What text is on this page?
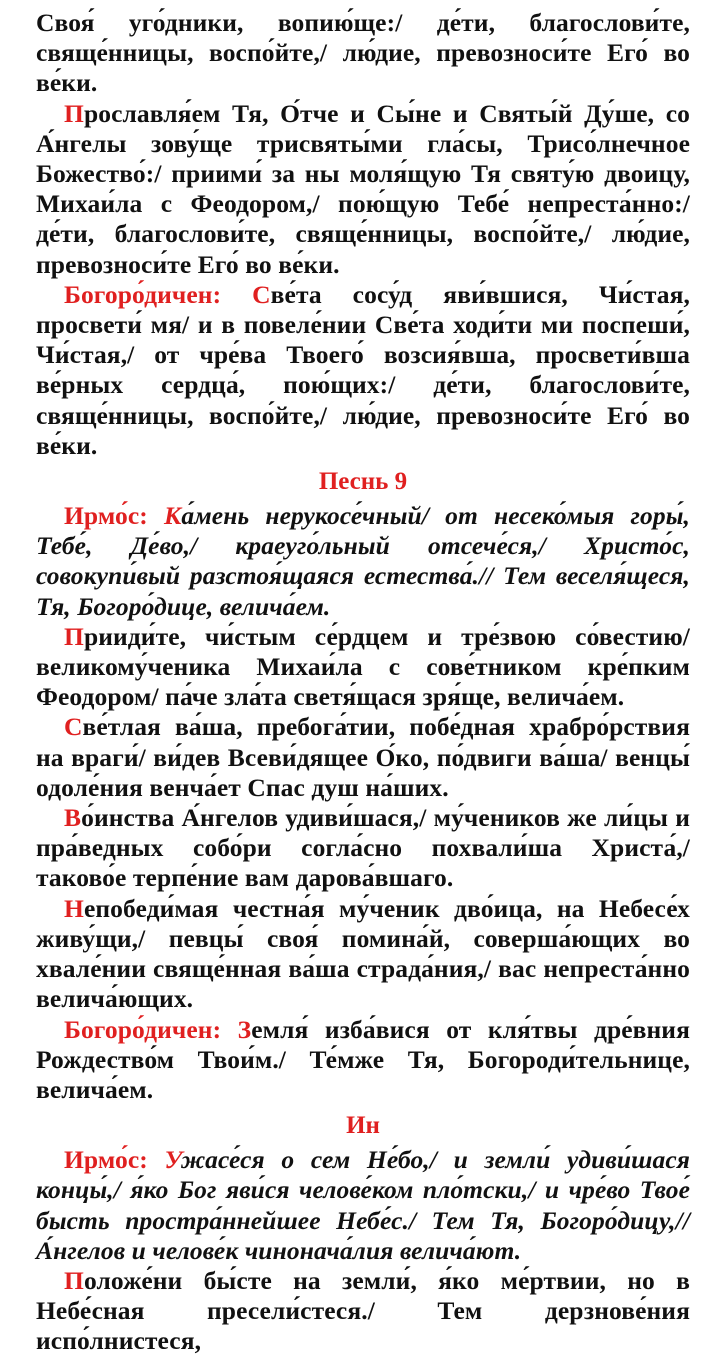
Своя́ уго́дники, вопию́ще:/ де́ти, благослови́те, свяще́нницы, воспо́йте,/ лю́дие, превозноси́те Его́ во ве́ки.

Прославля́ем Тя, О́тче и Сы́не и Святы́й Ду́ше, со А́нгелы зову́ще трисвяты́ми гла́сы, Трисо́лнечное Божество́:/ приими́ за ны моля́щую Тя святу́ю двоицу, Михаи́ла с Феодором,/ пою́щую Тебе́ непреста́нно:/ де́ти, благослови́те, свяще́нницы, воспо́йте,/ лю́дие, превозноси́те Его́ во ве́ки.

Богоро́дичен: Све́та сосу́д яви́вшися, Чи́стая, просвети́ мя/ и в повеле́нии Све́та ходи́ти ми поспеши́, Чи́стая,/ от чре́ва Твоего́ возсия́вша, просвети́вша ве́рных сердца́, пою́щих:/ де́ти, благослови́те, свяще́нницы, воспо́йте,/ лю́дие, превозноси́те Его́ во ве́ки.

Песнь 9

Ирмо́с: Ка́мень нерукосе́чный/ от несеко́мыя горы́, Тебе́, Де́во,/ краеуго́льный отсече́ся,/ Христо́с, совокупи́вый разстоя́щаяся естества́.// Тем веселя́щеся, Тя, Богоро́дице, велича́ем.

Прииди́те, чи́стым се́рдцем и тре́звою со́вестию/ великому́ченика Михаи́ла с сове́тником кре́пким Феодором/ па́че зла́та светя́щася зря́ще, велича́ем.

Све́тлая ва́ша, пребога́тии, побе́дная храбро́рствия на враги́/ ви́дев Всеви́дящее О́ко, по́двиги ва́ша/ венцы́ одоле́ния венча́ет Спас душ на́ших.

Во́инства А́нгелов удиви́шася,/ му́чеников же ли́цы и пра́ведных собо́ри согла́сно похвали́ша Христа́,/ таково́е терпе́ние вам дарова́вшаго.

Непобеди́мая честна́я му́ченик дво́ица, на Небесе́х живу́щи,/ певцы́ своя́ помина́й, соверша́ющих во хвале́нии свяще́нная ва́ша страда́ния,/ вас непреста́нно велича́ющих.

Богоро́дичен: Земля́ изба́вися от кля́твы дре́вния Рождество́м Твои́м./ Те́мже Тя, Богороди́тельнице, велича́ем.

Ин

Ирмо́с: Ужасе́ся о сем Не́бо,/ и земли́ удиви́шася концы́,/ я́ко Бог яви́ся челове́ком пло́тски,/ и чре́во Твое́ бысть простра́ннейшее Небе́с./ Тем Тя, Богоро́дицу,// А́нгелов и челове́к чинонача́лия велича́ют.

Положе́ни бы́сте на земли́, я́ко ме́ртвии, но в Небе́сная пресели́стеся./ Тем дерзнове́ния испо́лнистеся,
